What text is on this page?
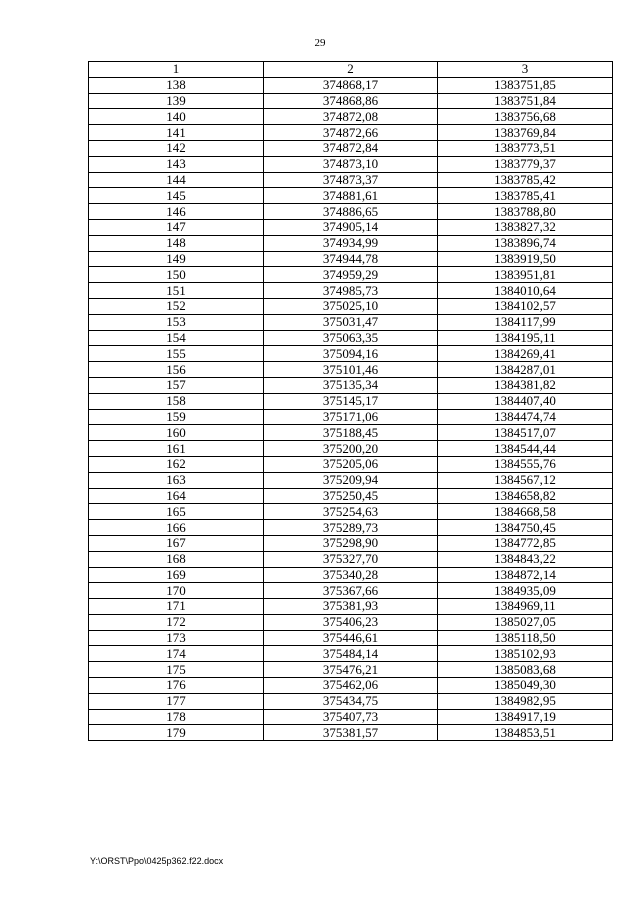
29
1	2	3
138	374868,17	1383751,85
139	374868,86	1383751,84
140	374872,08	1383756,68
141	374872,66	1383769,84
142	374872,84	1383773,51
143	374873,10	1383779,37
144	374873,37	1383785,42
145	374881,61	1383785,41
146	374886,65	1383788,80
147	374905,14	1383827,32
148	374934,99	1383896,74
149	374944,78	1383919,50
150	374959,29	1383951,81
151	374985,73	1384010,64
152	375025,10	1384102,57
153	375031,47	1384117,99
154	375063,35	1384195,11
155	375094,16	1384269,41
156	375101,46	1384287,01
157	375135,34	1384381,82
158	375145,17	1384407,40
159	375171,06	1384474,74
160	375188,45	1384517,07
161	375200,20	1384544,44
162	375205,06	1384555,76
163	375209,94	1384567,12
164	375250,45	1384658,82
165	375254,63	1384668,58
166	375289,73	1384750,45
167	375298,90	1384772,85
168	375327,70	1384843,22
169	375340,28	1384872,14
170	375367,66	1384935,09
171	375381,93	1384969,11
172	375406,23	1385027,05
173	375446,61	1385118,50
174	375484,14	1385102,93
175	375476,21	1385083,68
176	375462,06	1385049,30
177	375434,75	1384982,95
178	375407,73	1384917,19
179	375381,57	1384853,51
Y:\ORST\Ppo\0425p362.f22.docx
